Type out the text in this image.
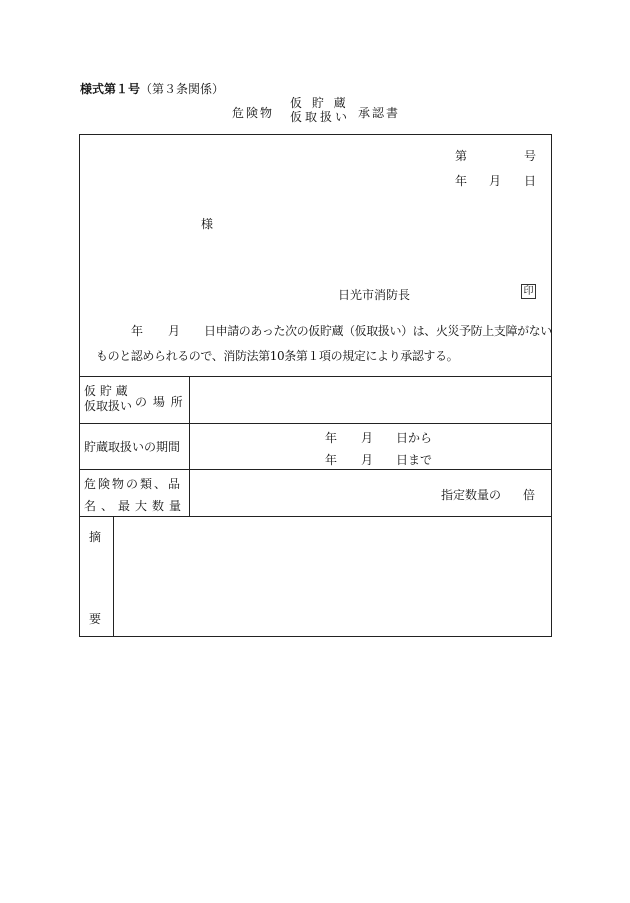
様式第１号（第３条関係）
危険物
仮 貯 蔵
仮取扱い 承認書
第	号
年 月 日
様
日光市消防長	印
年 月 日申請のあった次の仮貯蔵（仮取扱い）は、火災予防上支障がない
ものと認められるので、消防法第10条第１項の規定により承認する。
仮 貯 蔵
仮取扱い の 場 所
貯蔵取扱いの期間
年 月 日から
年 月 日まで
危険物の類、品
名、最大数量
指定数量の 倍
摘
要
